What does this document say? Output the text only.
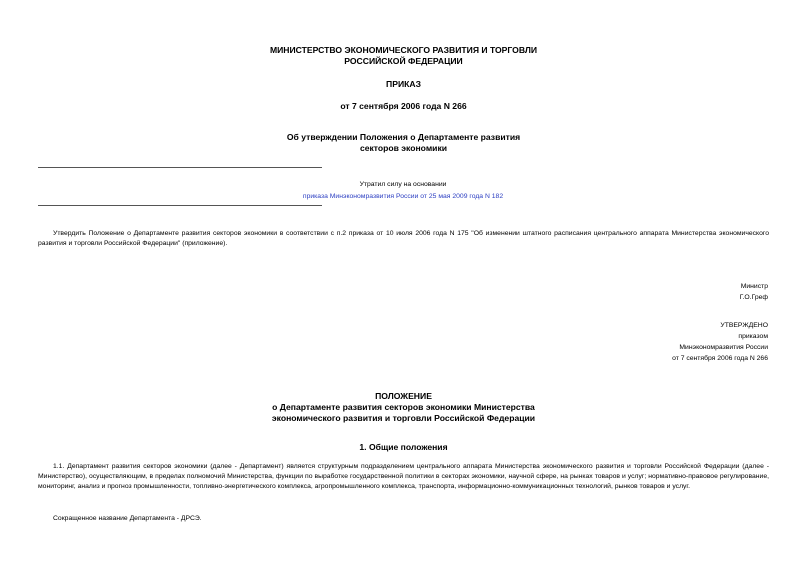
МИНИСТЕРСТВО ЭКОНОМИЧЕСКОГО РАЗВИТИЯ И ТОРГОВЛИ
РОССИЙСКОЙ ФЕДЕРАЦИИ
ПРИКАЗ
от 7 сентября 2006 года N 266
Об утверждении Положения о Департаменте развития
секторов экономики
Утратил силу на основании
приказа Минэкономразвития России от 25 мая 2009 года N 182
Утвердить Положение о Департаменте развития секторов экономики в соответствии с п.2 приказа от 10 июля 2006 года N 175 "Об изменении штатного расписания центрального аппарата Министерства экономического развития и торговли Российской Федерации" (приложение).
Министр
Г.О.Греф
УТВЕРЖДЕНО
приказом
Минэкономразвития России
от 7 сентября 2006 года N 266
ПОЛОЖЕНИЕ
о Департаменте развития секторов экономики Министерства
экономического развития и торговли Российской Федерации
1. Общие положения
1.1. Департамент развития секторов экономики (далее - Департамент) является структурным подразделением центрального аппарата Министерства экономического развития и торговли Российской Федерации (далее - Министерство), осуществляющим, в пределах полномочий Министерства, функции по выработке государственной политики в секторах экономики, научной сфере, на рынках товаров и услуг; нормативно-правовое регулирование, мониторинг, анализ и прогноз промышленности, топливно-энергетического комплекса, агропромышленного комплекса, транспорта, информационно-коммуникационных технологий, рынков товаров и услуг.
Сокращенное название Департамента - ДРСЭ.
